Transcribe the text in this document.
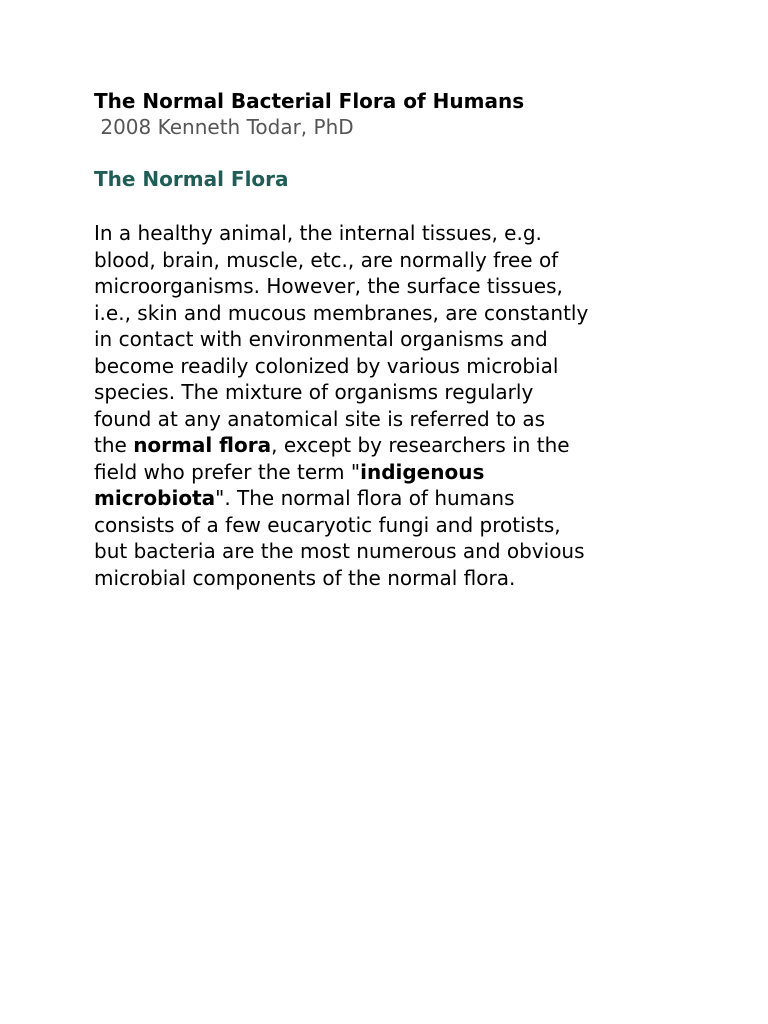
The Normal Bacterial Flora of Humans

2008 Kenneth Todar, PhD

The Normal Flora
In a healthy animal, the internal tissues, e.g.
blood, brain, muscle, etc., are normally free of
microorganisms. However, the surface tissues,
i.e., skin and mucous membranes, are constantly
in contact with environmental organisms and
become readily colonized by various microbial
species. The mixture of organisms regularly
found at any anatomical site is referred to as
the normal flora, except by researchers in the
field who prefer the term "indigenous
microbiota". The normal flora of humans
consists of a few eucaryotic fungi and protists,
but bacteria are the most numerous and obvious
microbial components of the normal flora.
